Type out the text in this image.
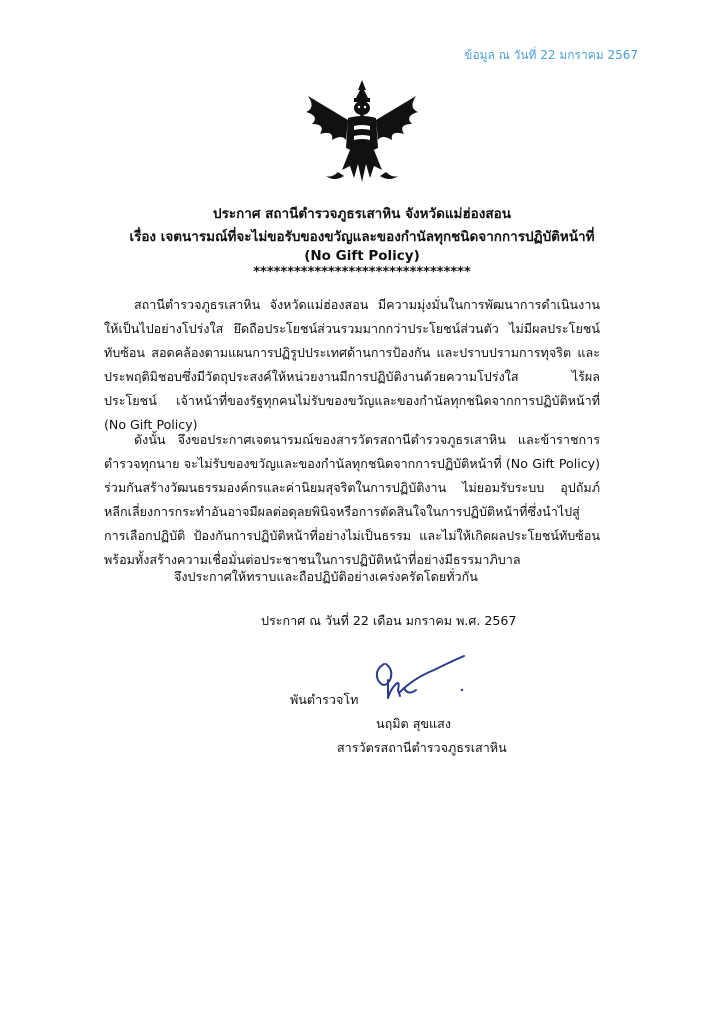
ข้อมูล ณ วันที่ 22 มกราคม 2567
ประกาศ สถานีตำรวจภูธรเสาหิน จังหวัดแม่ฮ่องสอน
เรื่อง เจตนารมณ์ที่จะไม่ขอรับของขวัญและของกำนัลทุกชนิดจากการปฏิบัติหน้าที่
(No Gift Policy)
********************************

สถานีตำรวจภูธรเสาหิน จังหวัดแม่ฮ่องสอน มีความมุ่งมั่นในการพัฒนาการดำเนินงานให้เป็นไปอย่างโปร่งใส ยึดถือประโยชน์ส่วนรวมมากกว่าประโยชน์ส่วนตัว ไม่มีผลประโยชน์ทับซ้อน สอดคล้องตามแผนการปฏิรูปประเทศด้านการป้องกัน และปราบปรามการทุจริต และประพฤติมิชอบซึ่งมีวัตถุประสงค์ให้หน่วยงานมีการปฏิบัติงานด้วยความโปร่งใส ไร้ผลประโยชน์ เจ้าหน้าที่ของรัฐทุกคนไม่รับของขวัญและของกำนัลทุกชนิดจากการปฏิบัติหน้าที่ (No Gift Policy)

ดังนั้น จึงขอประกาศเจตนารมณ์ของสารวัตรสถานีตำรวจภูธรเสาหิน และข้าราชการตำรวจทุกนาย จะไม่รับของขวัญและของกำนัลทุกชนิดจากการปฏิบัติหน้าที่ (No Gift Policy) ร่วมกันสร้างวัฒนธรรมองค์กรและค่านิยมสุจริตในการปฏิบัติงาน ไม่ยอมรับระบบ อุปถัมภ์ หลีกเลี่ยงการกระทำอันอาจมีผลต่อดุลยพินิจหรือการตัดสินใจในการปฏิบัติหน้าที่ซึ่งนำไปสู่การเลือกปฏิบัติ ป้องกันการปฏิบัติหน้าที่อย่างไม่เป็นธรรม และไม่ให้เกิดผลประโยชน์ทับซ้อน พร้อมทั้งสร้างความเชื่อมั่นต่อประชาชนในการปฏิบัติหน้าที่อย่างมีธรรมาภิบาล

จึงประกาศให้ทราบและถือปฏิบัติอย่างเคร่งครัดโดยทั่วกัน
ประกาศ ณ วันที่ 22 เดือน มกราคม พ.ศ. 2567
พันตำรวจโท
นฤมิต สุขแสง
สารวัตรสถานีตำรวจภูธรเสาหิน
